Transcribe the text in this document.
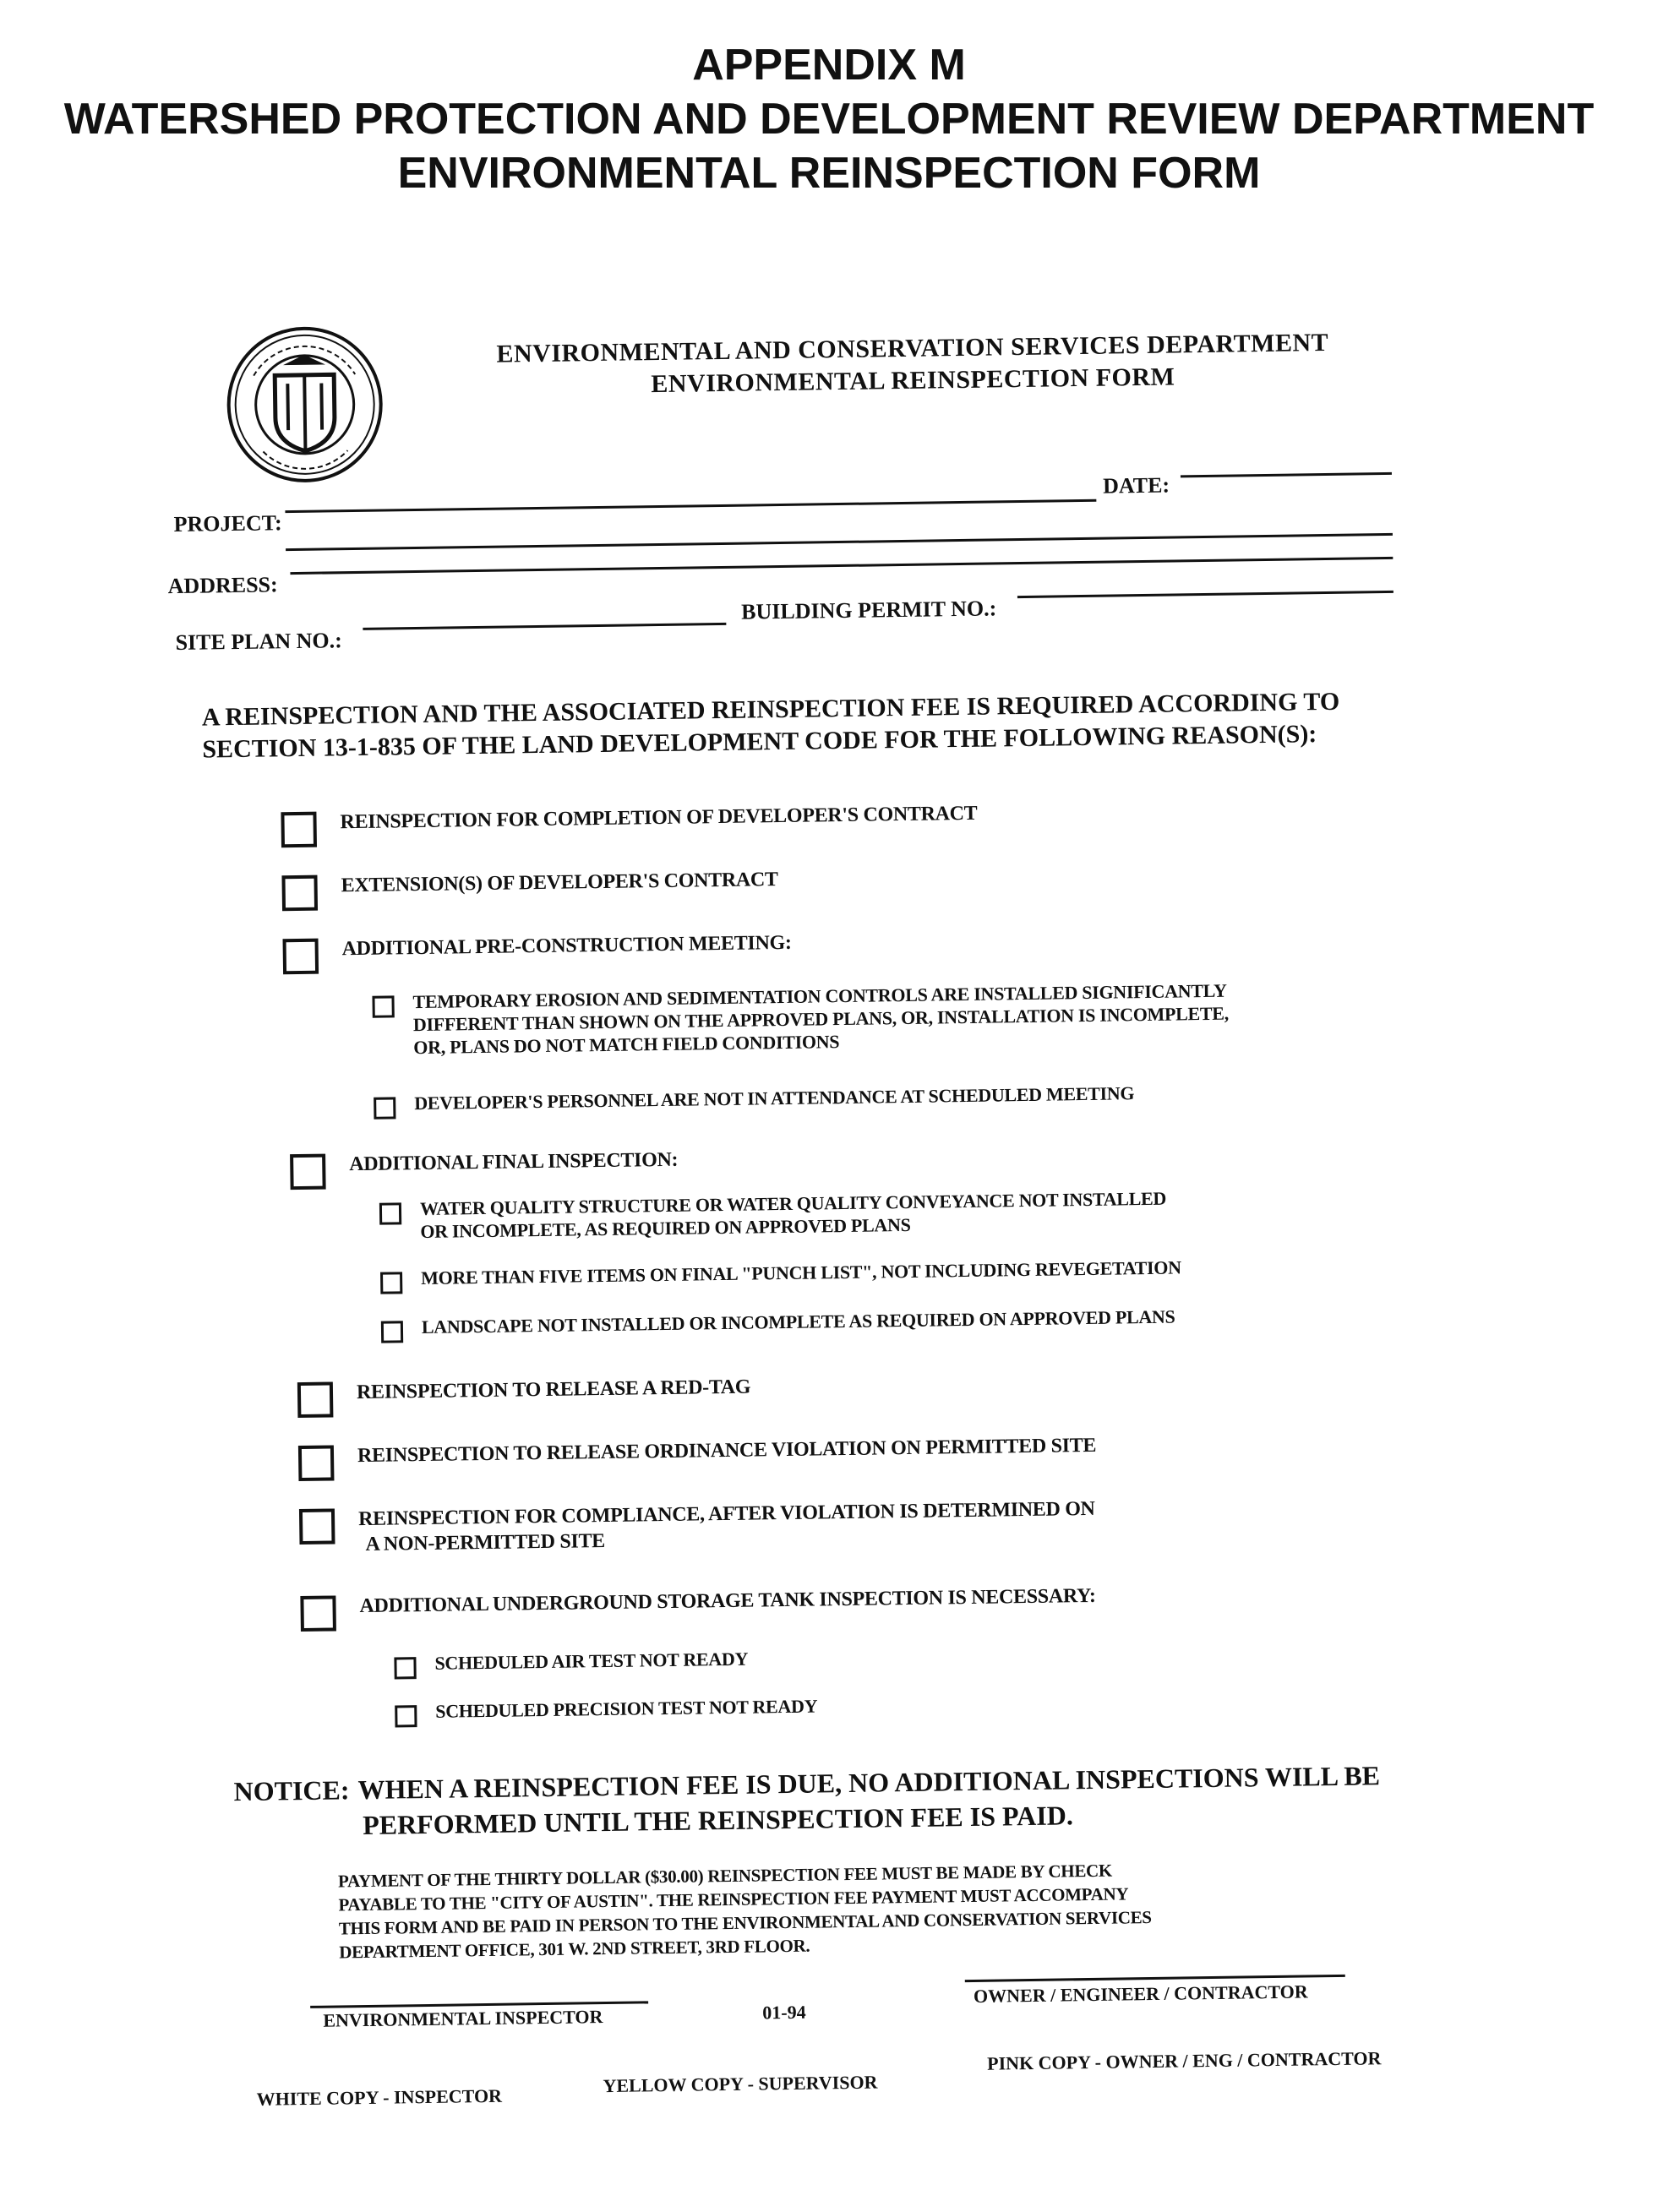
APPENDIX M
WATERSHED PROTECTION AND DEVELOPMENT REVIEW DEPARTMENT
ENVIRONMENTAL REINSPECTION FORM
ENVIRONMENTAL AND CONSERVATION SERVICES DEPARTMENT
ENVIRONMENTAL REINSPECTION FORM
PROJECT:
DATE:
ADDRESS:
SITE PLAN NO.:
BUILDING PERMIT NO.:
A REINSPECTION AND THE ASSOCIATED REINSPECTION FEE IS REQUIRED ACCORDING TO
SECTION 13-1-835 OF THE LAND DEVELOPMENT CODE FOR THE FOLLOWING REASON(S):
REINSPECTION FOR COMPLETION OF DEVELOPER'S CONTRACT
EXTENSION(S) OF DEVELOPER'S CONTRACT
ADDITIONAL PRE-CONSTRUCTION MEETING:
TEMPORARY EROSION AND SEDIMENTATION CONTROLS ARE INSTALLED SIGNIFICANTLY
DIFFERENT THAN SHOWN ON THE APPROVED PLANS, OR, INSTALLATION IS INCOMPLETE,
OR, PLANS DO NOT MATCH FIELD CONDITIONS
DEVELOPER'S PERSONNEL ARE NOT IN ATTENDANCE AT SCHEDULED MEETING
ADDITIONAL FINAL INSPECTION:
WATER QUALITY STRUCTURE OR WATER QUALITY CONVEYANCE NOT INSTALLED
OR INCOMPLETE, AS REQUIRED ON APPROVED PLANS
MORE THAN FIVE ITEMS ON FINAL "PUNCH LIST", NOT INCLUDING REVEGETATION
LANDSCAPE NOT INSTALLED OR INCOMPLETE AS REQUIRED ON APPROVED PLANS
REINSPECTION TO RELEASE A RED-TAG
REINSPECTION TO RELEASE ORDINANCE VIOLATION ON PERMITTED SITE
REINSPECTION FOR COMPLIANCE, AFTER VIOLATION IS DETERMINED ON
A NON-PERMITTED SITE
ADDITIONAL UNDERGROUND STORAGE TANK INSPECTION IS NECESSARY:
SCHEDULED AIR TEST NOT READY
SCHEDULED PRECISION TEST NOT READY
NOTICE: WHEN A REINSPECTION FEE IS DUE, NO ADDITIONAL INSPECTIONS WILL BE
PERFORMED UNTIL THE REINSPECTION FEE IS PAID.
PAYMENT OF THE THIRTY DOLLAR ($30.00) REINSPECTION FEE MUST BE MADE BY CHECK
PAYABLE TO THE "CITY OF AUSTIN". THE REINSPECTION FEE PAYMENT MUST ACCOMPANY
THIS FORM AND BE PAID IN PERSON TO THE ENVIRONMENTAL AND CONSERVATION SERVICES
DEPARTMENT OFFICE, 301 W. 2ND STREET, 3RD FLOOR.
ENVIRONMENTAL INSPECTOR	01-94
OWNER / ENGINEER / CONTRACTOR
WHITE COPY - INSPECTOR
YELLOW COPY - SUPERVISOR
PINK COPY - OWNER / ENG / CONTRACTOR
